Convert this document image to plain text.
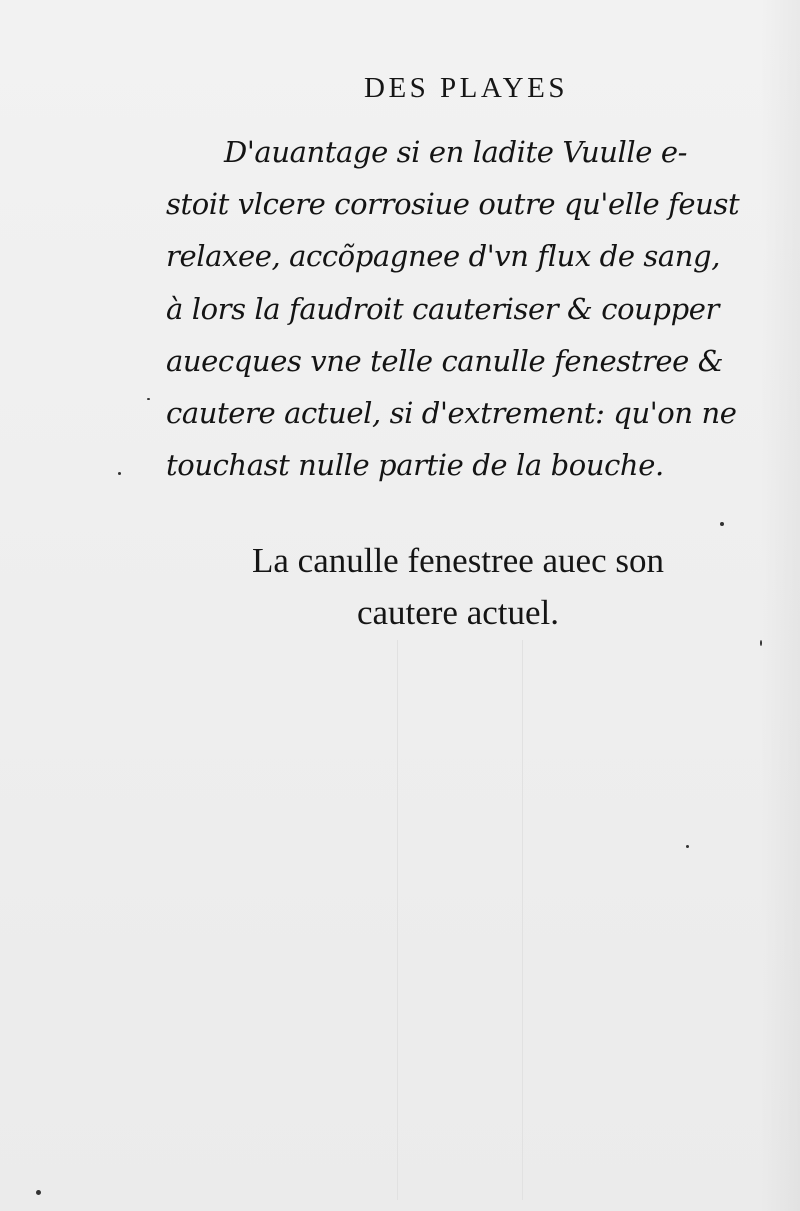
DES PLAYES
D'auantage si en ladite Vuulle e-
stoit vlcere corrosiue outre qu'elle feust
relaxee, accõpagnee d'vn flux de sang,
à lors la faudroit cauteriser & coupper
auecques vne telle canulle fenestree &
cautere actuel, si d'extrement: qu'on ne
touchast nulle partie de la bouche.
La canulle fenestree auec son
cautere actuel.
